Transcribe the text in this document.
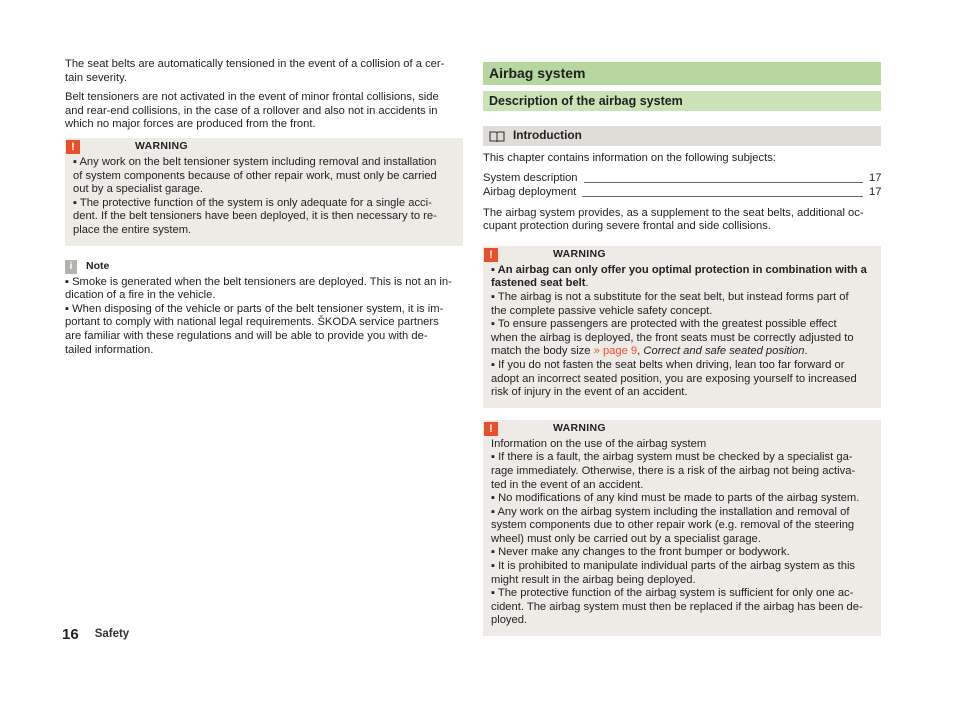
The seat belts are automatically tensioned in the event of a collision of a cer-
tain severity.

Belt tensioners are not activated in the event of minor frontal collisions, side
and rear-end collisions, in the case of a rollover and also not in accidents in
which no major forces are produced from the front.

!	WARNING
▪ Any work on the belt tensioner system including removal and installation
of system components because of other repair work, must only be carried
out by a specialist garage.
▪ The protective function of the system is only adequate for a single acci-
dent. If the belt tensioners have been deployed, it is then necessary to re-
place the entire system.
i	Note
▪ Smoke is generated when the belt tensioners are deployed. This is not an in-
dication of a fire in the vehicle.
▪ When disposing of the vehicle or parts of the belt tensioner system, it is im-
portant to comply with national legal requirements. ŠKODA service partners
are familiar with these regulations and will be able to provide you with de-
tailed information.
Airbag system
Description of the airbag system
Introduction

This chapter contains information on the following subjects:

System description	17
Airbag deployment	17

The airbag system provides, as a supplement to the seat belts, additional oc-
cupant protection during severe frontal and side collisions.

!	WARNING
▪ An airbag can only offer you optimal protection in combination with a
fastened seat belt.
▪ The airbag is not a substitute for the seat belt, but instead forms part of
the complete passive vehicle safety concept.
▪ To ensure passengers are protected with the greatest possible effect
when the airbag is deployed, the front seats must be correctly adjusted to
match the body size » page 9, Correct and safe seated position.
▪ If you do not fasten the seat belts when driving, lean too far forward or
adopt an incorrect seated position, you are exposing yourself to increased
risk of injury in the event of an accident.
!	WARNING
Information on the use of the airbag system
▪ If there is a fault, the airbag system must be checked by a specialist ga-
rage immediately. Otherwise, there is a risk of the airbag not being activa-
ted in the event of an accident.
▪ No modifications of any kind must be made to parts of the airbag system.
▪ Any work on the airbag system including the installation and removal of
system components due to other repair work (e.g. removal of the steering
wheel) must only be carried out by a specialist garage.
▪ Never make any changes to the front bumper or bodywork.
▪ It is prohibited to manipulate individual parts of the airbag system as this
might result in the airbag being deployed.
▪ The protective function of the airbag system is sufficient for only one ac-
cident. The airbag system must then be replaced if the airbag has been de-
ployed.
16 Safety
